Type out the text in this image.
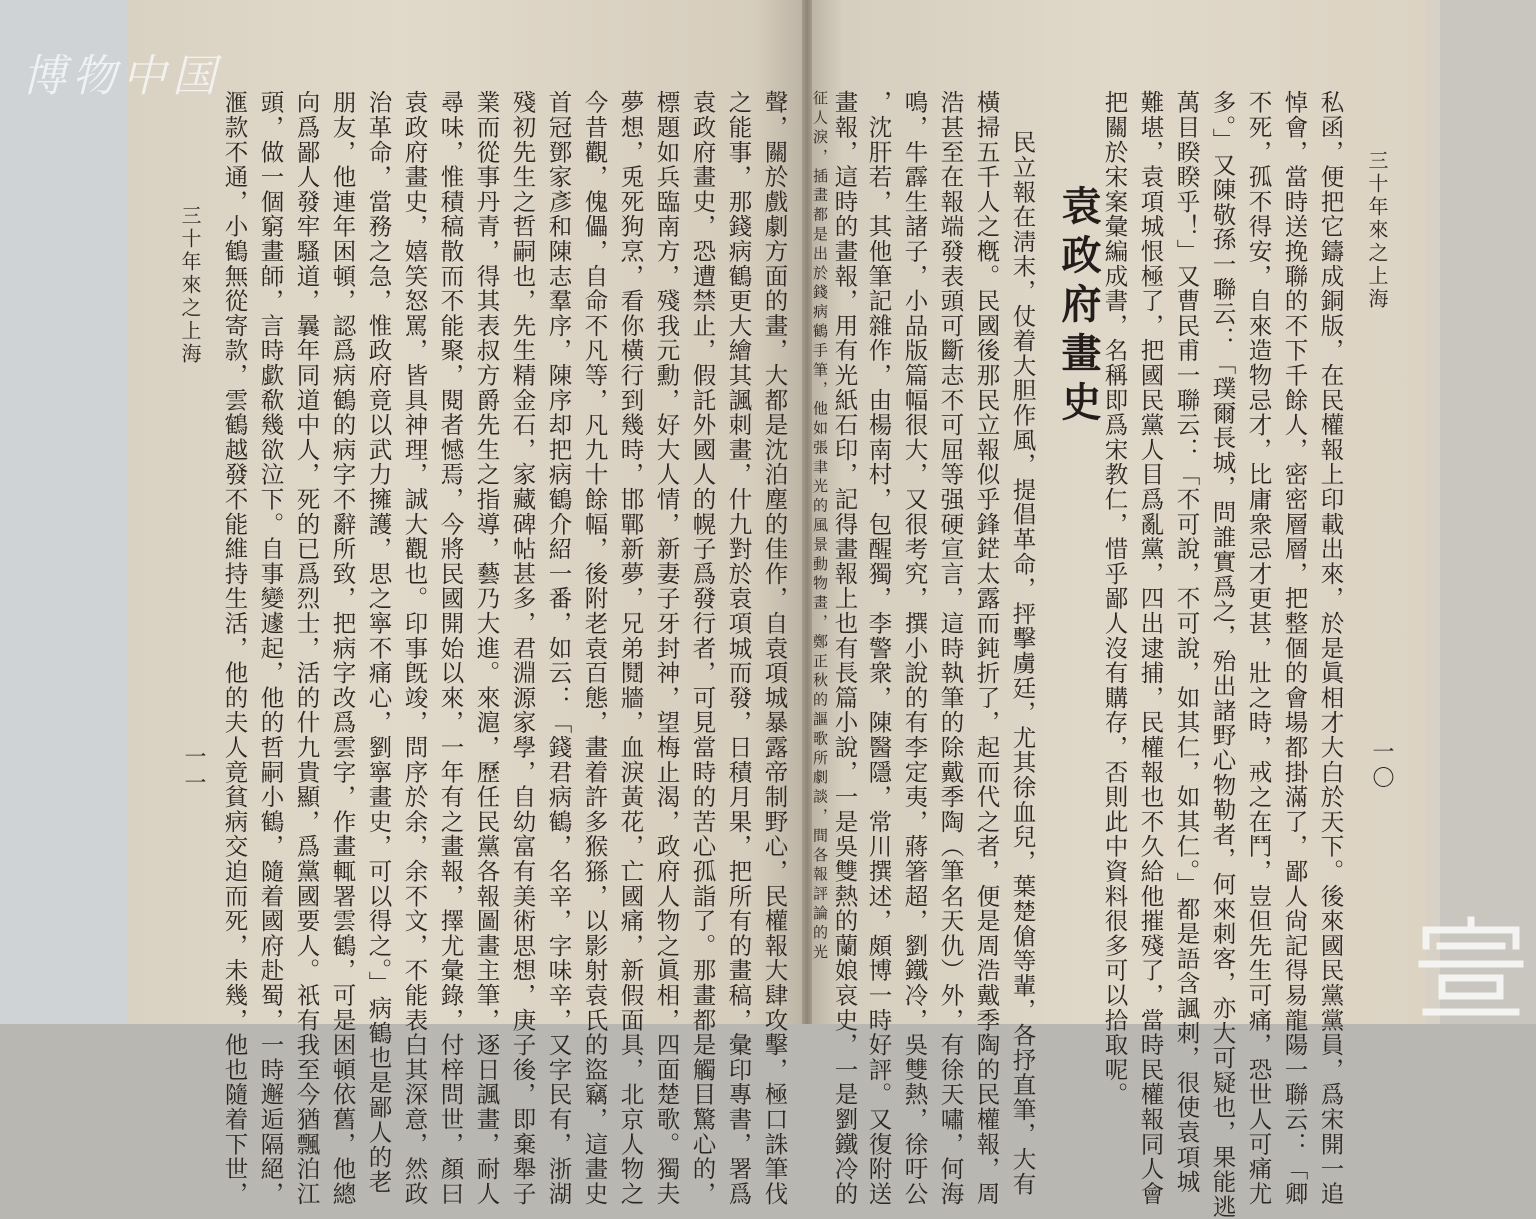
三十年來之上海
一〇
私函，便把它鑄成銅版，在民權報上印載出來，於是眞相才大白於天下。後來國民黨黨員，爲宋開一追
悼會，當時送挽聯的不下千餘人，密密層層，把整個的會場都掛滿了，鄙人尙記得易龍陽一聯云：「卿
不死，孤不得安，自來造物忌才，比庸衆忌才更甚，壯之時，戒之在鬥，豈但先生可痛，恐世人可痛尤
多。」又陳敬孫一聯云：「璞爾長城，問誰實爲之，殆出諸野心物勒者，何來刺客，亦大可疑也，果能逃
萬目睽睽乎！」又曹民甫一聯云：「不可說，不可說，如其仁，如其仁。」都是語含諷刺，很使袁項城
難堪，袁項城恨極了，把國民黨人目爲亂黨，四出逮捕，民權報也不久給他摧殘了，當時民權報同人會
把關於宋案彙編成書，名稱即爲宋教仁，惜乎鄙人沒有購存，否則此中資料很多可以拾取呢。
袁政府畫史
民立報在淸末，仗着大胆作風，提倡革命，抨擊虜廷，尤其徐血兒，葉楚傖等輩，各抒直筆，大有
橫掃五千人之槪。民國後那民立報似乎鋒鋩太露而鈍折了，起而代之者，便是周浩戴季陶的民權報，周
浩甚至在報端發表頭可斷志不可屈等强硬宣言，這時執筆的除戴季陶（筆名天仇）外，有徐天嘯，何海
鳴，牛霹生諸子，小品版篇幅很大，又很考究，撰小說的有李定夷，蔣箸超，劉鐵冷，吳雙熱，徐吁公
，沈肝若，其他筆記雜作，由楊南村，包醒獨，李警衆，陳醫隱，常川撰述，頗博一時好評。又復附送
畫報，這時的畫報，用有光紙石印，記得畫報上也有長篇小說，一是吳雙熱的蘭娘哀史，一是劉鐵冷的
征人淚，插畫都是出於錢病鶴手筆，他如張聿光的風景動物畫，鄭正秋的謳歌所劇談，間各報評論的光
聲，關於戲劇方面的畫，大都是沈泊塵的佳作，自袁項城暴露帝制野心，民權報大肆攻擊，極口誅筆伐
之能事，那錢病鶴更大繪其諷刺畫，什九對於袁項城而發，日積月果，把所有的畫稿，彙印專書，署爲
袁政府畫史，恐遭禁止，假託外國人的幌子爲發行者，可見當時的苦心孤詣了。那畫都是觸目驚心的，
標題如兵臨南方，殘我元勳，好大人情，新妻子牙封神，望梅止渴，政府人物之眞相，四面楚歌。獨夫
夢想，兎死狗烹，看你橫行到幾時，邯鄲新夢，兄弟鬩牆，血淚黃花，亡國痛，新假面具，北京人物之
今昔觀，傀儡，自命不凡等，凡九十餘幅，後附老袁百態，畫着許多猴猻，以影射袁氏的盜竊，這畫史
首冠鄧家彥和陳志羣序，陳序却把病鶴介紹一番，如云：「錢君病鶴，名辛，字味辛，又字民有，浙湖
殘初先生之哲嗣也，先生精金石，家藏碑帖甚多，君淵源家學，自幼富有美術思想，庚子後，即棄舉子
業而從事丹青，得其表叔方爵先生之指導，藝乃大進。來滬，歷任民黨各報圖畫主筆，逐日諷畫，耐人
尋味，惟積稿散而不能聚，閱者憾焉，今將民國開始以來，一年有之畫報，擇尤彙錄，付梓問世，顏曰
袁政府畫史，嬉笑怒罵，皆具神理，誠大觀也。印事旣竣，問序於余，余不文，不能表白其深意，然政
治革命，當務之急，惟政府竟以武力擁護，思之寧不痛心，劉寧畫史，可以得之。」病鶴也是鄙人的老
朋友，他連年困頓，認爲病鶴的病字不辭所致，把病字改爲雲字，作畫輒署雲鶴，可是困頓依舊，他總
向爲鄙人發牢騷道，曩年同道中人，死的已爲烈士，活的什九貴顯，爲黨國要人。祇有我至今猶飄泊江
頭，做一個窮畫師，言時歔欷幾欲泣下。自事變遽起，他的哲嗣小鶴，隨着國府赴蜀，一時邂逅隔絕，
滙款不通，小鶴無從寄款，雲鶴越發不能維持生活，他的夫人竟貧病交迫而死，未幾，他也隨着下世，
三十年來之上海
一一
博物中国
